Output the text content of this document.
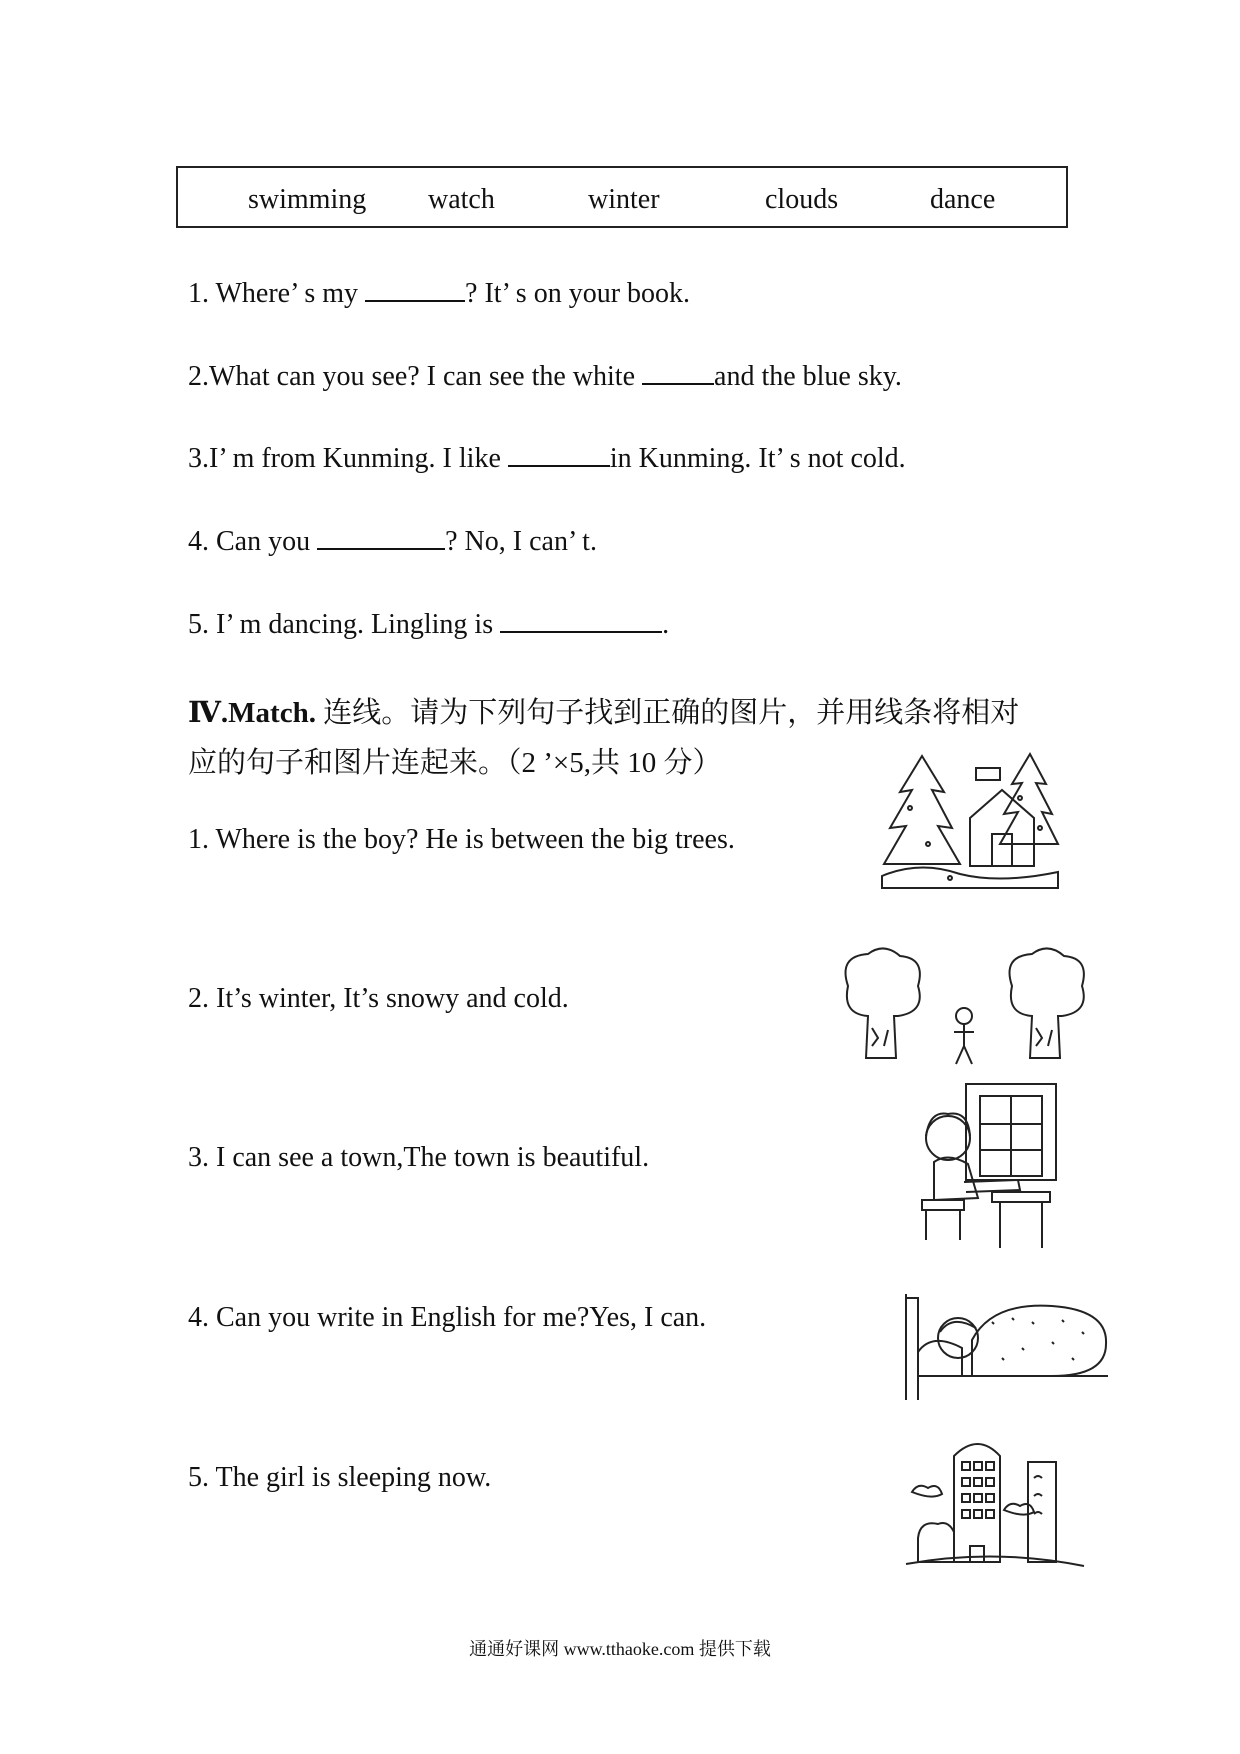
swimming watch	winter	clouds	dance
1. Where’ s my	? It’ s on your book.
2.What can you see? I can see the white	and the blue sky.
3.I’ m from Kunming. I like	in Kunming. It’ s not cold.
4. Can you	? No, I can’ t.
5. I’ m dancing. Lingling is	.
Ⅳ.Match. 连线。请为下列句子找到正确的图片，并用线条将相对
应的句子和图片连起来。（2 ’×5,共 10 分）
1. Where is the boy? He is between the big trees.
2. It’s winter, It’s snowy and cold.
3. I can see a town,The town is beautiful.
4. Can you write in English for me?Yes, I can.
5. The girl is sleeping now.
通通好课网 www.tthaoke.com 提供下载
